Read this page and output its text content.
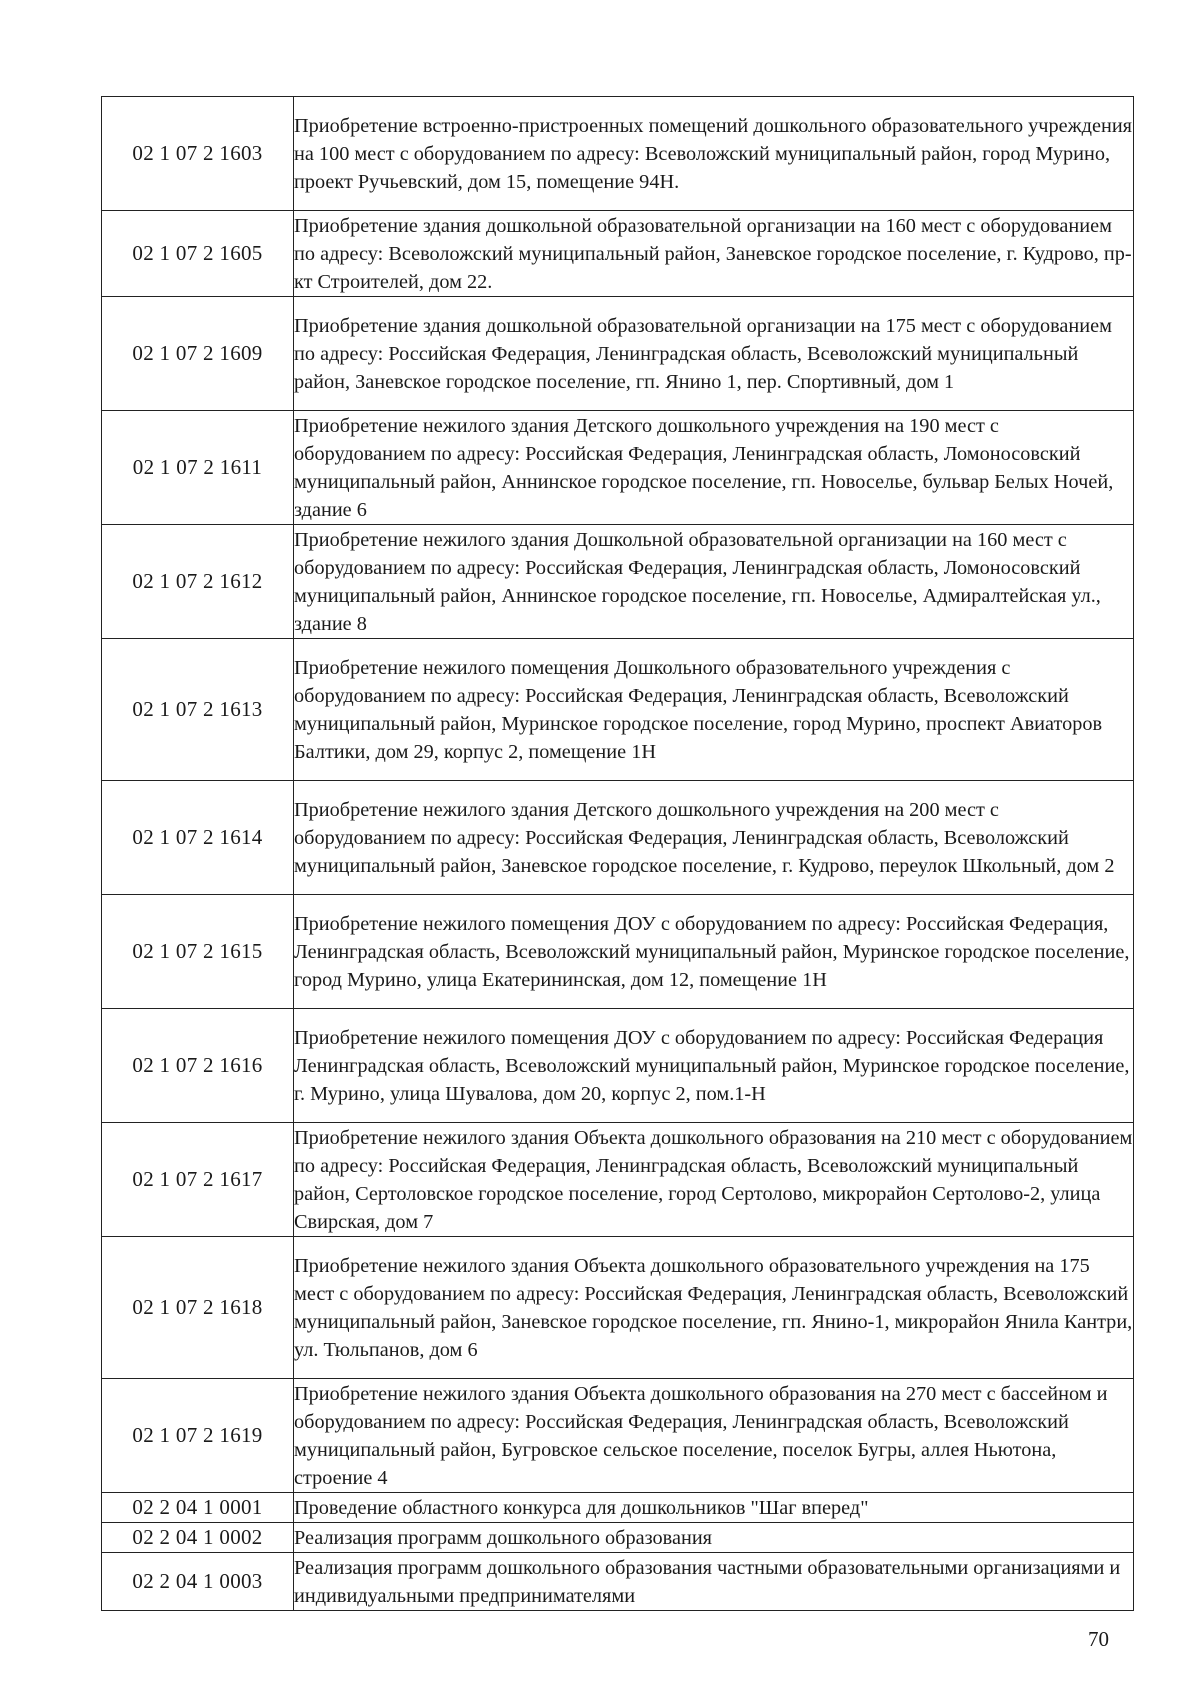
02 1 07 2 1603	Приобретение встроенно-пристроенных помещений дошкольного образовательного учреждения на 100 мест с оборудованием по адресу: Всеволожский муниципальный район, город Мурино, проект Ручьевский, дом 15, помещение 94Н.
02 1 07 2 1605	Приобретение здания дошкольной образовательной организации на 160 мест с оборудованием по адресу: Всеволожский муниципальный район, Заневское городское поселение, г. Кудрово, пр-кт Строителей, дом 22.
02 1 07 2 1609	Приобретение здания дошкольной образовательной организации на 175 мест с оборудованием по адресу: Российская Федерация, Ленинградская область, Всеволожский муниципальный район, Заневское городское поселение, гп. Янино 1, пер. Спортивный, дом 1
02 1 07 2 1611	Приобретение нежилого здания Детского дошкольного учреждения на 190 мест с оборудованием по адресу: Российская Федерация, Ленинградская область, Ломоносовский муниципальный район, Аннинское городское поселение, гп. Новоселье, бульвар Белых Ночей, здание 6
02 1 07 2 1612	Приобретение нежилого здания Дошкольной образовательной организации на 160 мест с оборудованием по адресу: Российская Федерация, Ленинградская область, Ломоносовский муниципальный район, Аннинское городское поселение, гп. Новоселье, Адмиралтейская ул., здание 8
02 1 07 2 1613	Приобретение нежилого помещения Дошкольного образовательного учреждения с оборудованием по адресу: Российская Федерация, Ленинградская область, Всеволожский муниципальный район, Муринское городское поселение, город Мурино, проспект Авиаторов Балтики, дом 29, корпус 2, помещение 1Н
02 1 07 2 1614	Приобретение нежилого здания Детского дошкольного учреждения на 200 мест с оборудованием по адресу: Российская Федерация, Ленинградская область, Всеволожский муниципальный район, Заневское городское поселение, г. Кудрово, переулок Школьный, дом 2
02 1 07 2 1615	Приобретение нежилого помещения ДОУ с оборудованием по адресу: Российская Федерация, Ленинградская область, Всеволожский муниципальный район, Муринское городское поселение, город Мурино, улица Екатерининская, дом 12, помещение 1Н
02 1 07 2 1616	Приобретение нежилого помещения ДОУ с оборудованием по адресу: Российская Федерация Ленинградская область, Всеволожский муниципальный район, Муринское городское поселение, г. Мурино, улица Шувалова, дом 20, корпус 2, пом.1-Н
02 1 07 2 1617	Приобретение нежилого здания Объекта дошкольного образования на 210 мест с оборудованием по адресу: Российская Федерация, Ленинградская область, Всеволожский муниципальный район, Сертоловское городское поселение, город Сертолово, микрорайон Сертолово-2, улица Свирская, дом 7
02 1 07 2 1618	Приобретение нежилого здания Объекта дошкольного образовательного учреждения на 175 мест с оборудованием по адресу: Российская Федерация, Ленинградская область, Всеволожский муниципальный район, Заневское городское поселение, гп. Янино-1, микрорайон Янила Кантри, ул. Тюльпанов, дом 6
02 1 07 2 1619	Приобретение нежилого здания Объекта дошкольного образования на 270 мест с бассейном и оборудованием по адресу: Российская Федерация, Ленинградская область, Всеволожский муниципальный район, Бугровское сельское поселение, поселок Бугры, аллея Ньютона, строение 4
02 2 04 1 0001	Проведение областного конкурса для дошкольников "Шаг вперед"
02 2 04 1 0002	Реализация программ дошкольного образования
02 2 04 1 0003	Реализация программ дошкольного образования частными образовательными организациями и индивидуальными предпринимателями
70
